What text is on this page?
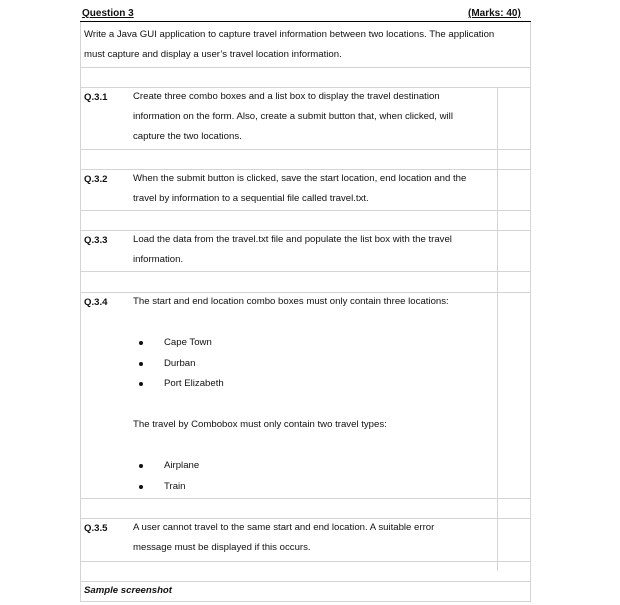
Question 3	(Marks: 40)
Write a Java GUI application to capture travel information between two locations. The application
must capture and display a user’s travel location information.
Q.3.1	Create three combo boxes and a list box to display the travel destination
information on the form. Also, create a submit button that, when clicked, will
capture the two locations.
Q.3.2	When the submit button is clicked, save the start location, end location and the
travel by information to a sequential file called travel.txt.
Q.3.3	Load the data from the travel.txt file and populate the list box with the travel
information.
Q.3.4	The start and end location combo boxes must only contain three locations:
Cape Town
Durban
Port Elizabeth
The travel by Combobox must only contain two travel types:
Airplane
Train
Q.3.5	A user cannot travel to the same start and end location. A suitable error
message must be displayed if this occurs.
Sample screenshot
